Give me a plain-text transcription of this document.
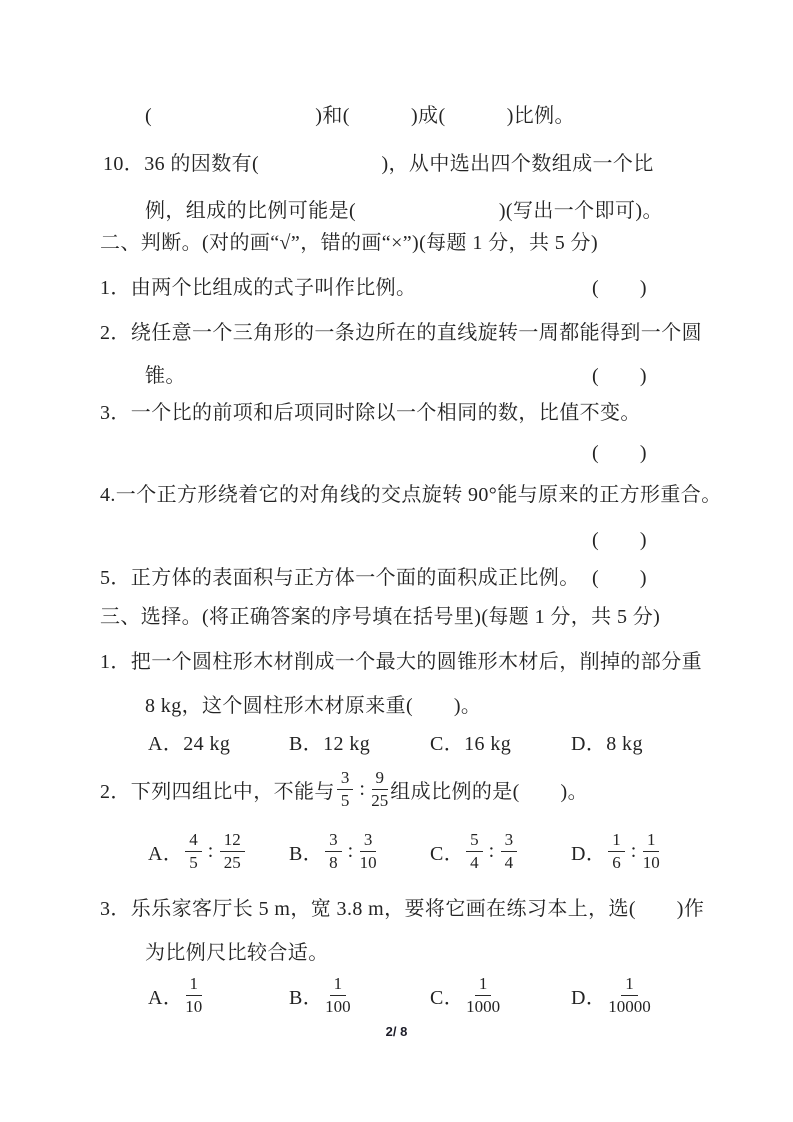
(　　　　　　　　)和(　　　)成(　　　)比例。
10．36 的因数有(　　　　　　)，从中选出四个数组成一个比
例，组成的比例可能是(　　　　　　　)(写出一个即可)。
二、判断。(对的画“√”，错的画“×”)(每题 1 分，共 5 分)
1．由两个比组成的式子叫作比例。	(　　)
2．绕任意一个三角形的一条边所在的直线旋转一周都能得到一个圆
锥。	(　　)
3．一个比的前项和后项同时除以一个相同的数，比值不变。
(　　)
4.一个正方形绕着它的对角线的交点旋转 90°能与原来的正方形重合。
(　　)
5．正方体的表面积与正方体一个面的面积成正比例。 (　　)
三、选择。(将正确答案的序号填在括号里)(每题 1 分，共 5 分)
1．把一个圆柱形木材削成一个最大的圆锥形木材后，削掉的部分重
8 kg，这个圆柱形木材原来重(　　)。
A．24 kg	B．12 kg	C．16 kg	D．8 kg
2．下列四组比中，不能与 $\frac{3}{5}$ : $\frac{9}{25}$ 组成比例的是(　　)。
A． $\frac{4}{5}$ : $\frac{12}{25}$ B． $\frac{3}{8}$ : $\frac{3}{10}$	C． $\frac{5}{4}$ : $\frac{3}{4}$	D． $\frac{1}{6}$ : $\frac{1}{10}$
3．乐乐家客厅长 5 m，宽 3.8 m，要将它画在练习本上，选(　　)作
为比例尺比较合适。
A． $\frac{1}{10}$	B． $\frac{1}{100}$	C． $\frac{1}{1000}$	D． $\frac{1}{10000}$
2/ 8
